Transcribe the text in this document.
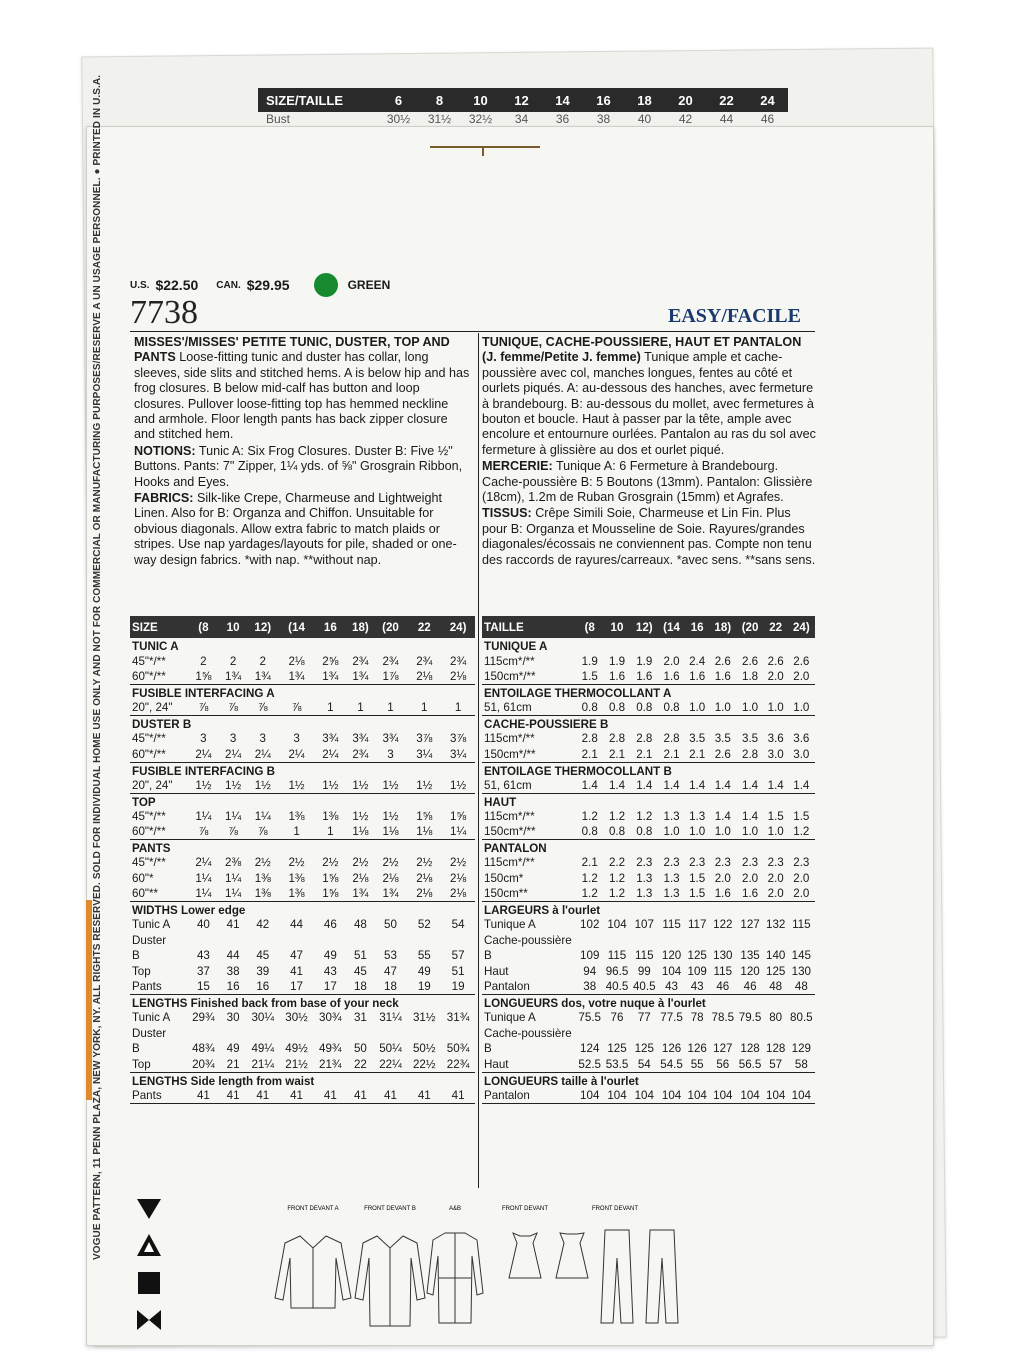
SIZE/TAILLE	6	8	10	12	14	16	18	20	22	24
Bust	30½	31½	32½	34	36	38	40	42	44	46
VOGUE PATTERN, 11 PENN PLAZA, NEW YORK, NY. ALL RIGHTS RESERVED. SOLD FOR INDIVIDUAL HOME USE ONLY AND NOT FOR COMMERCIAL OR MANUFACTURING PURPOSES/RESERVE A UN USAGE PERSONNEL. ● PRINTED IN U.S.A.	U.S. $22.50 CAN. $29.95	GREEN
7738	EASY/FACILE

MISSES'/MISSES' PETITE TUNIC, DUSTER, TOP AND PANTS Loose-fitting tunic and duster has collar, long sleeves, side slits and stitched hems. A is below hip and has frog closures. B below mid-calf has button and loop closures. Pullover loose-fitting top has hemmed neckline and armhole. Floor length pants has back zipper closure and stitched hem.

NOTIONS: Tunic A: Six Frog Closures. Duster B: Five ½" Buttons. Pants: 7" Zipper, 1¼ yds. of ⅝" Grosgrain Ribbon, Hooks and Eyes.

FABRICS: Silk-like Crepe, Charmeuse and Lightweight Linen. Also for B: Organza and Chiffon. Unsuitable for obvious diagonals. Allow extra fabric to match plaids or stripes. Use nap yardages/layouts for pile, shaded or one-way design fabrics. *with nap. **without nap.

TUNIQUE, CACHE-POUSSIERE, HAUT ET PANTALON (J. femme/Petite J. femme) Tunique ample et cache-poussière avec col, manches longues, fentes au côté et ourlets piqués. A: au-dessous des hanches, avec fermeture à brandebourg. B: au-dessous du mollet, avec fermetures à bouton et boucle. Haut à passer par la tête, ample avec encolure et entournure ourlées. Pantalon au ras du sol avec fermeture à glissière au dos et ourlet piqué.

MERCERIE: Tunique A: 6 Fermeture à Brandebourg. Cache-poussière B: 5 Boutons (13mm). Pantalon: Glissière (18cm), 1.2m de Ruban Grosgrain (15mm) et Agrafes.

TISSUS: Crêpe Simili Soie, Charmeuse et Lin Fin. Plus pour B: Organza et Mousseline de Soie. Rayures/grandes diagonales/écossais ne conviennent pas. Compte non tenu des raccords de rayures/carreaux. *avec sens. **sans sens.

SIZE	(8	10	12)	(14	16	18)	(20	22	24)
TUNIC A									
45"*/**	2	2	2	2⅛	2⅝	2¾	2¾	2¾	2¾
60"*/**	1⅝	1¾	1¾	1¾	1¾	1¾	1⅞	2⅛	2⅛
FUSIBLE INTERFACING A									
20", 24"	⅞	⅞	⅞	⅞	1	1	1	1	1
DUSTER B									
45"*/**	3	3	3	3	3¾	3¾	3¾	3⅞	3⅞
60"*/**	2¼	2¼	2¼	2¼	2¼	2¾	3	3¼	3¼
FUSIBLE INTERFACING B									
20", 24"	1½	1½	1½	1½	1½	1½	1½	1½	1½
TOP									
45"*/**	1¼	1¼	1¼	1⅜	1⅜	1½	1½	1⅝	1⅝
60"*/**	⅞	⅞	⅞	1	1	1⅛	1⅛	1⅛	1¼
PANTS									
45"*/**	2¼	2⅜	2½	2½	2½	2½	2½	2½	2½
60"*	1¼	1¼	1⅜	1⅜	1⅝	2⅛	2⅛	2⅛	2⅛
60"**	1¼	1¼	1⅜	1⅜	1⅝	1¾	1¾	2⅛	2⅛
WIDTHS Lower edge									
Tunic A	40	41	42	44	46	48	50	52	54
Duster									
B	43	44	45	47	49	51	53	55	57
Top	37	38	39	41	43	45	47	49	51
Pants	15	16	16	17	17	18	18	19	19
LENGTHS Finished back from base of your neck									
Tunic A	29¾	30	30¼	30½	30¾	31	31¼	31½	31¾
Duster									
B	48¾	49	49¼	49½	49¾	50	50¼	50½	50¾
Top	20¾	21	21¼	21½	21¾	22	22¼	22½	22¾
LENGTHS Side length from waist									
Pants	41	41	41	41	41	41	41	41	41
TAILLE	(8	10	12)	(14	16	18)	(20	22	24)
TUNIQUE A									
115cm*/**	1.9	1.9	1.9	2.0	2.4	2.6	2.6	2.6	2.6
150cm*/**	1.5	1.6	1.6	1.6	1.6	1.6	1.8	2.0	2.0
ENTOILAGE THERMOCOLLANT A									
51, 61cm	0.8	0.8	0.8	0.8	1.0	1.0	1.0	1.0	1.0
CACHE-POUSSIERE B									
115cm*/**	2.8	2.8	2.8	2.8	3.5	3.5	3.5	3.6	3.6
150cm*/**	2.1	2.1	2.1	2.1	2.1	2.6	2.8	3.0	3.0
ENTOILAGE THERMOCOLLANT B									
51, 61cm	1.4	1.4	1.4	1.4	1.4	1.4	1.4	1.4	1.4
HAUT									
115cm*/**	1.2	1.2	1.2	1.3	1.3	1.4	1.4	1.5	1.5
150cm*/**	0.8	0.8	0.8	1.0	1.0	1.0	1.0	1.0	1.2
PANTALON									
115cm*/**	2.1	2.2	2.3	2.3	2.3	2.3	2.3	2.3	2.3
150cm*	1.2	1.2	1.3	1.3	1.5	2.0	2.0	2.0	2.0
150cm**	1.2	1.2	1.3	1.3	1.5	1.6	1.6	2.0	2.0
LARGEURS à l'ourlet									
Tunique A	102	104	107	115	117	122	127	132	115
Cache-poussière									
B	109	115	115	120	125	130	135	140	145
Haut	94	96.5	99	104	109	115	120	125	130
Pantalon	38	40.5	40.5	43	43	46	46	48	48
LONGUEURS dos, votre nuque à l'ourlet									
Tunique A	75.5	76	77	77.5	78	78.5	79.5	80	80.5
Cache-poussière									
B	124	125	125	126	126	127	128	128	129
Haut	52.5	53.5	54	54.5	55	56	56.5	57	58
LONGUEURS taille à l'ourlet									
Pantalon	104	104	104	104	104	104	104	104	104

FRONT DEVANT A	FRONT DEVANT B	A&B	FRONT DEVANT	FRONT DEVANT
